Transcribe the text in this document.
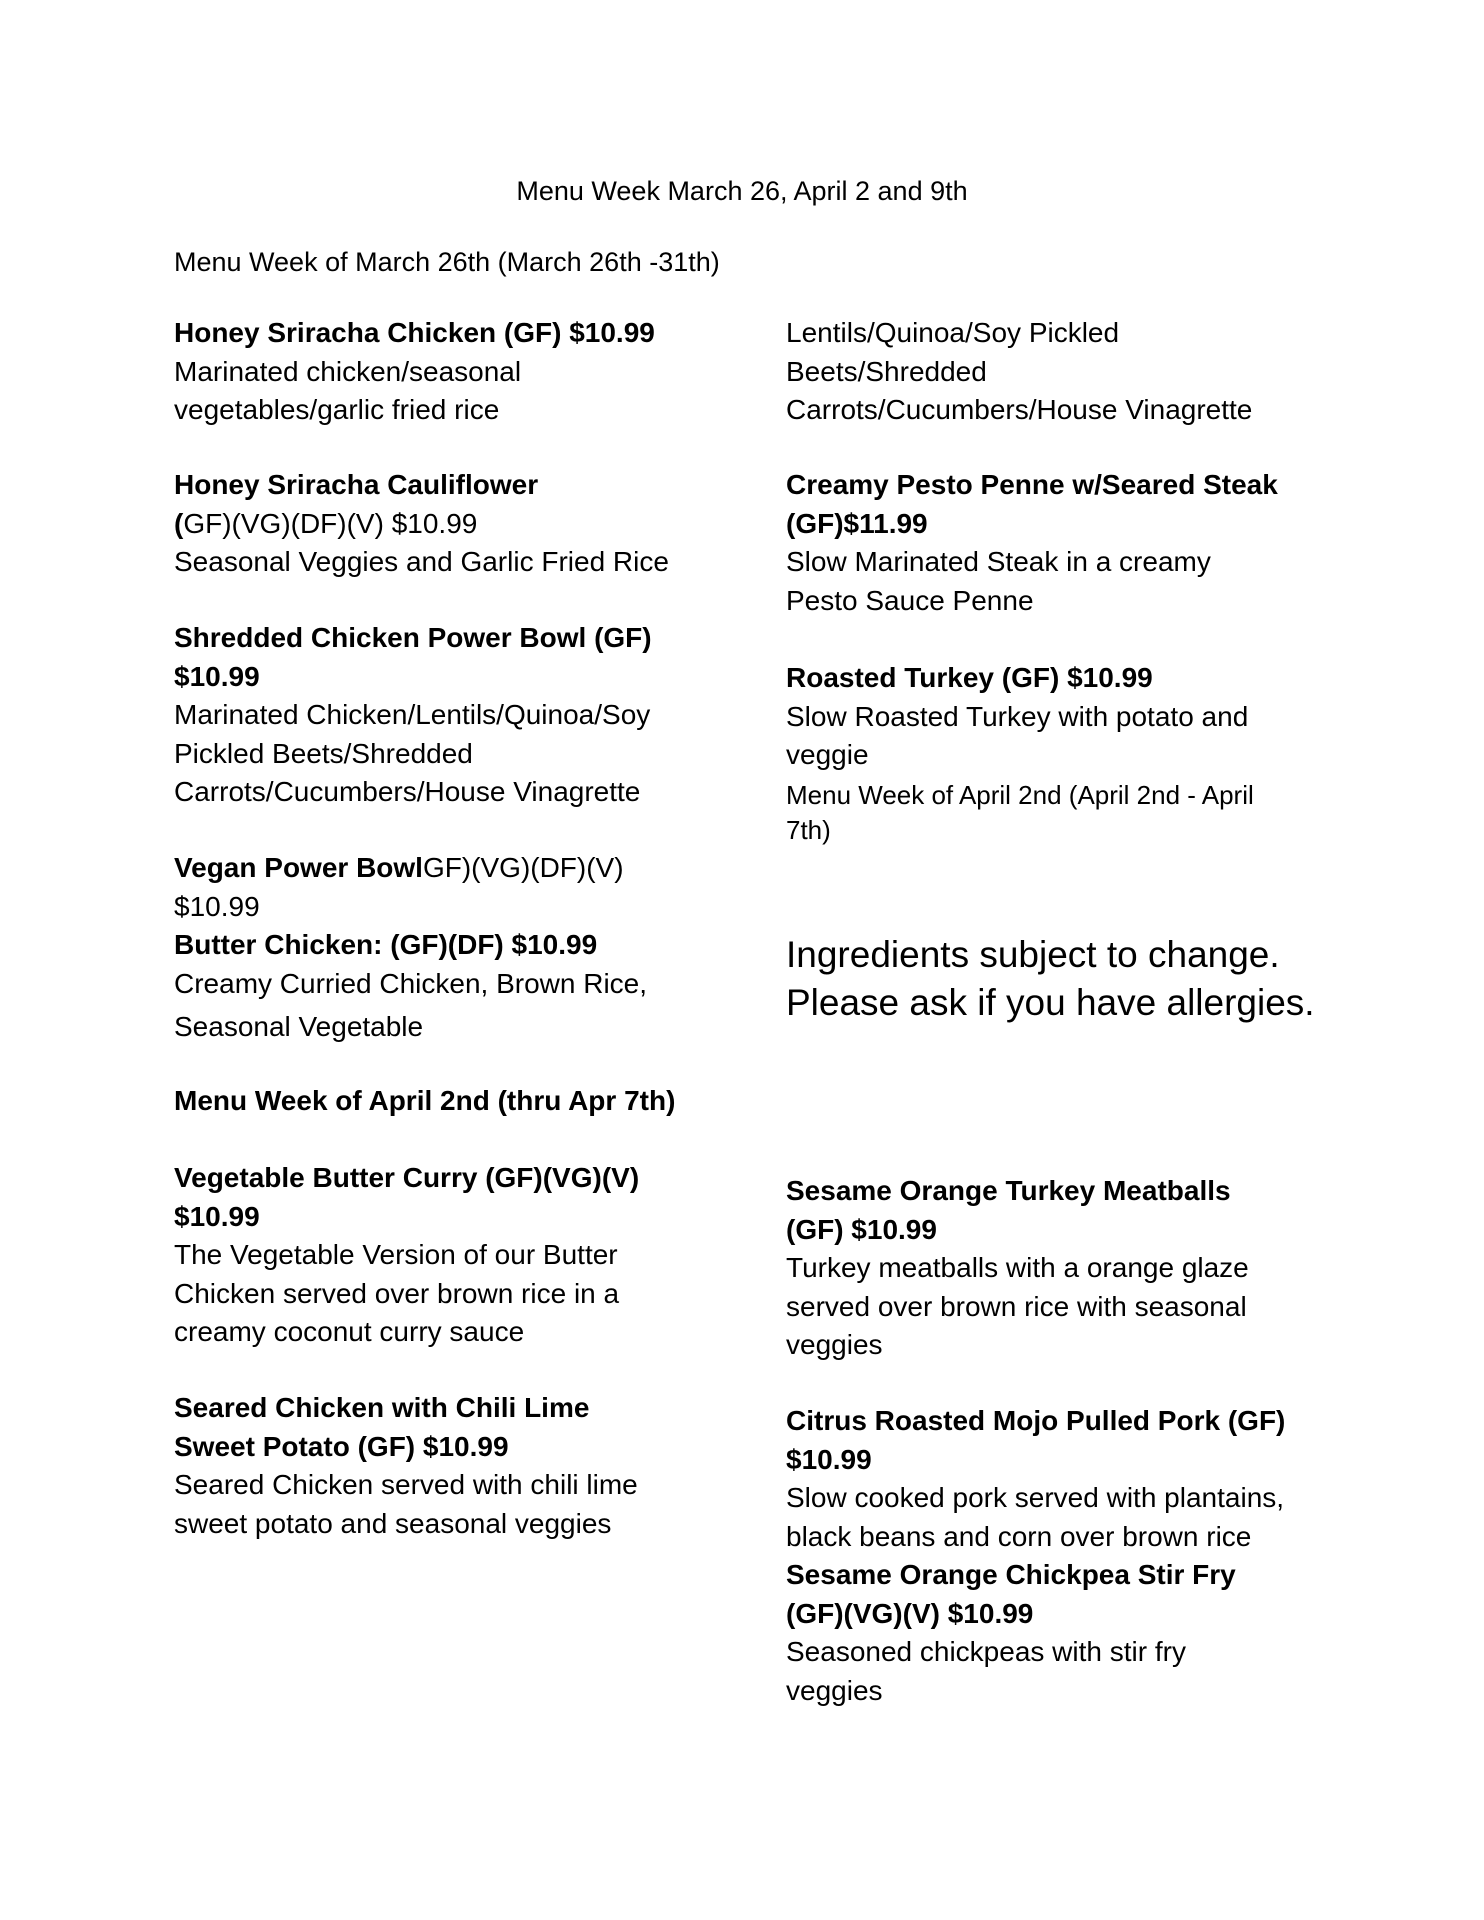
Menu Week March 26, April 2 and 9th
Menu Week of March 26th (March 26th -31th)

Honey Sriracha Chicken (GF) $10.99

Marinated chicken/seasonal

vegetables/garlic fried rice

Honey Sriracha Cauliflower

(GF)(VG)(DF)(V) $10.99

Seasonal Veggies and Garlic Fried Rice

Shredded Chicken Power Bowl (GF)

$10.99

Marinated Chicken/Lentils/Quinoa/Soy

Pickled Beets/Shredded

Carrots/Cucumbers/House Vinagrette

Vegan Power BowlGF)(VG)(DF)(V)

$10.99

Butter Chicken: (GF)(DF) $10.99

Creamy Curried Chicken, Brown Rice,

Seasonal Vegetable

Menu Week of April 2nd (thru Apr 7th)

Vegetable Butter Curry (GF)(VG)(V)

$10.99

The Vegetable Version of our Butter

Chicken served over brown rice in a

creamy coconut curry sauce

Seared Chicken with Chili Lime

Sweet Potato (GF) $10.99

Seared Chicken served with chili lime

sweet potato and seasonal veggies

Lentils/Quinoa/Soy Pickled

Beets/Shredded

Carrots/Cucumbers/House Vinagrette

Creamy Pesto Penne w/Seared Steak

(GF)$11.99

Slow Marinated Steak in a creamy

Pesto Sauce Penne

Roasted Turkey (GF) $10.99

Slow Roasted Turkey with potato and

veggie

Menu Week of April 2nd (April 2nd - April

7th)

Ingredients subject to change.

Please ask if you have allergies.

Sesame Orange Turkey Meatballs

(GF) $10.99

Turkey meatballs with a orange glaze

served over brown rice with seasonal

veggies

Citrus Roasted Mojo Pulled Pork (GF)

$10.99

Slow cooked pork served with plantains,

black beans and corn over brown rice

Sesame Orange Chickpea Stir Fry

(GF)(VG)(V) $10.99

Seasoned chickpeas with stir fry

veggies
